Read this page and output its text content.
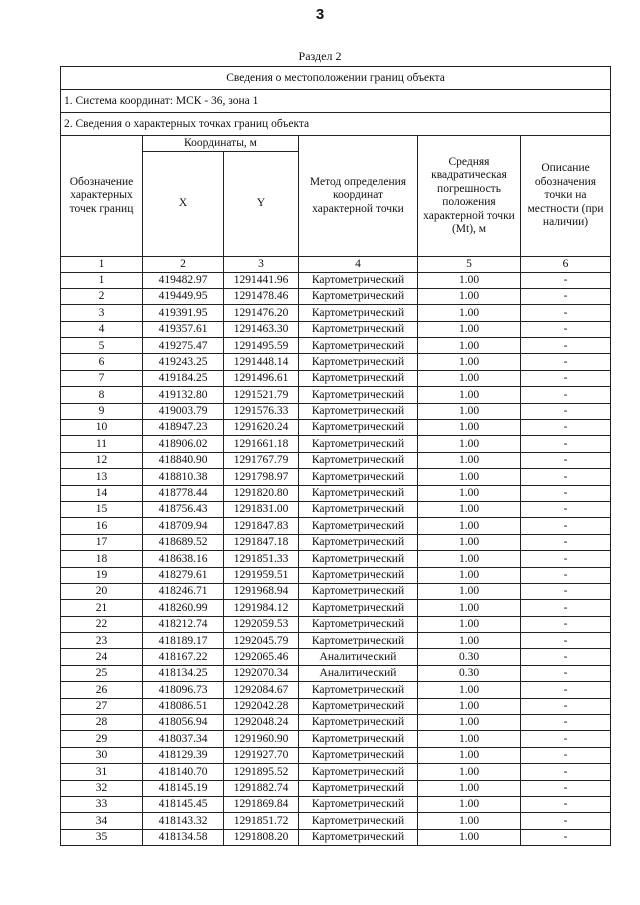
3
Раздел 2
Сведения о местоположении границ объекта					
1. Система координат: МСК - 36, зона 1					
2. Сведения о характерных точках границ объекта					
Обозначение характерных точек границ	Координаты, м		Метод определения координат характерной точки	Средняя квадратическая погрешность положения характерной точки (Mt), м	Описание обозначения точки на местности (при наличии)
	X	Y			
1	2	3	4	5	6
1	419482.97	1291441.96	Картометрический	1.00	-
2	419449.95	1291478.46	Картометрический	1.00	-
3	419391.95	1291476.20	Картометрический	1.00	-
4	419357.61	1291463.30	Картометрический	1.00	-
5	419275.47	1291495.59	Картометрический	1.00	-
6	419243.25	1291448.14	Картометрический	1.00	-
7	419184.25	1291496.61	Картометрический	1.00	-
8	419132.80	1291521.79	Картометрический	1.00	-
9	419003.79	1291576.33	Картометрический	1.00	-
10	418947.23	1291620.24	Картометрический	1.00	-
11	418906.02	1291661.18	Картометрический	1.00	-
12	418840.90	1291767.79	Картометрический	1.00	-
13	418810.38	1291798.97	Картометрический	1.00	-
14	418778.44	1291820.80	Картометрический	1.00	-
15	418756.43	1291831.00	Картометрический	1.00	-
16	418709.94	1291847.83	Картометрический	1.00	-
17	418689.52	1291847.18	Картометрический	1.00	-
18	418638.16	1291851.33	Картометрический	1.00	-
19	418279.61	1291959.51	Картометрический	1.00	-
20	418246.71	1291968.94	Картометрический	1.00	-
21	418260.99	1291984.12	Картометрический	1.00	-
22	418212.74	1292059.53	Картометрический	1.00	-
23	418189.17	1292045.79	Картометрический	1.00	-
24	418167.22	1292065.46	Аналитический	0.30	-
25	418134.25	1292070.34	Аналитический	0.30	-
26	418096.73	1292084.67	Картометрический	1.00	-
27	418086.51	1292042.28	Картометрический	1.00	-
28	418056.94	1292048.24	Картометрический	1.00	-
29	418037.34	1291960.90	Картометрический	1.00	-
30	418129.39	1291927.70	Картометрический	1.00	-
31	418140.70	1291895.52	Картометрический	1.00	-
32	418145.19	1291882.74	Картометрический	1.00	-
33	418145.45	1291869.84	Картометрический	1.00	-
34	418143.32	1291851.72	Картометрический	1.00	-
35	418134.58	1291808.20	Картометрический	1.00	-
